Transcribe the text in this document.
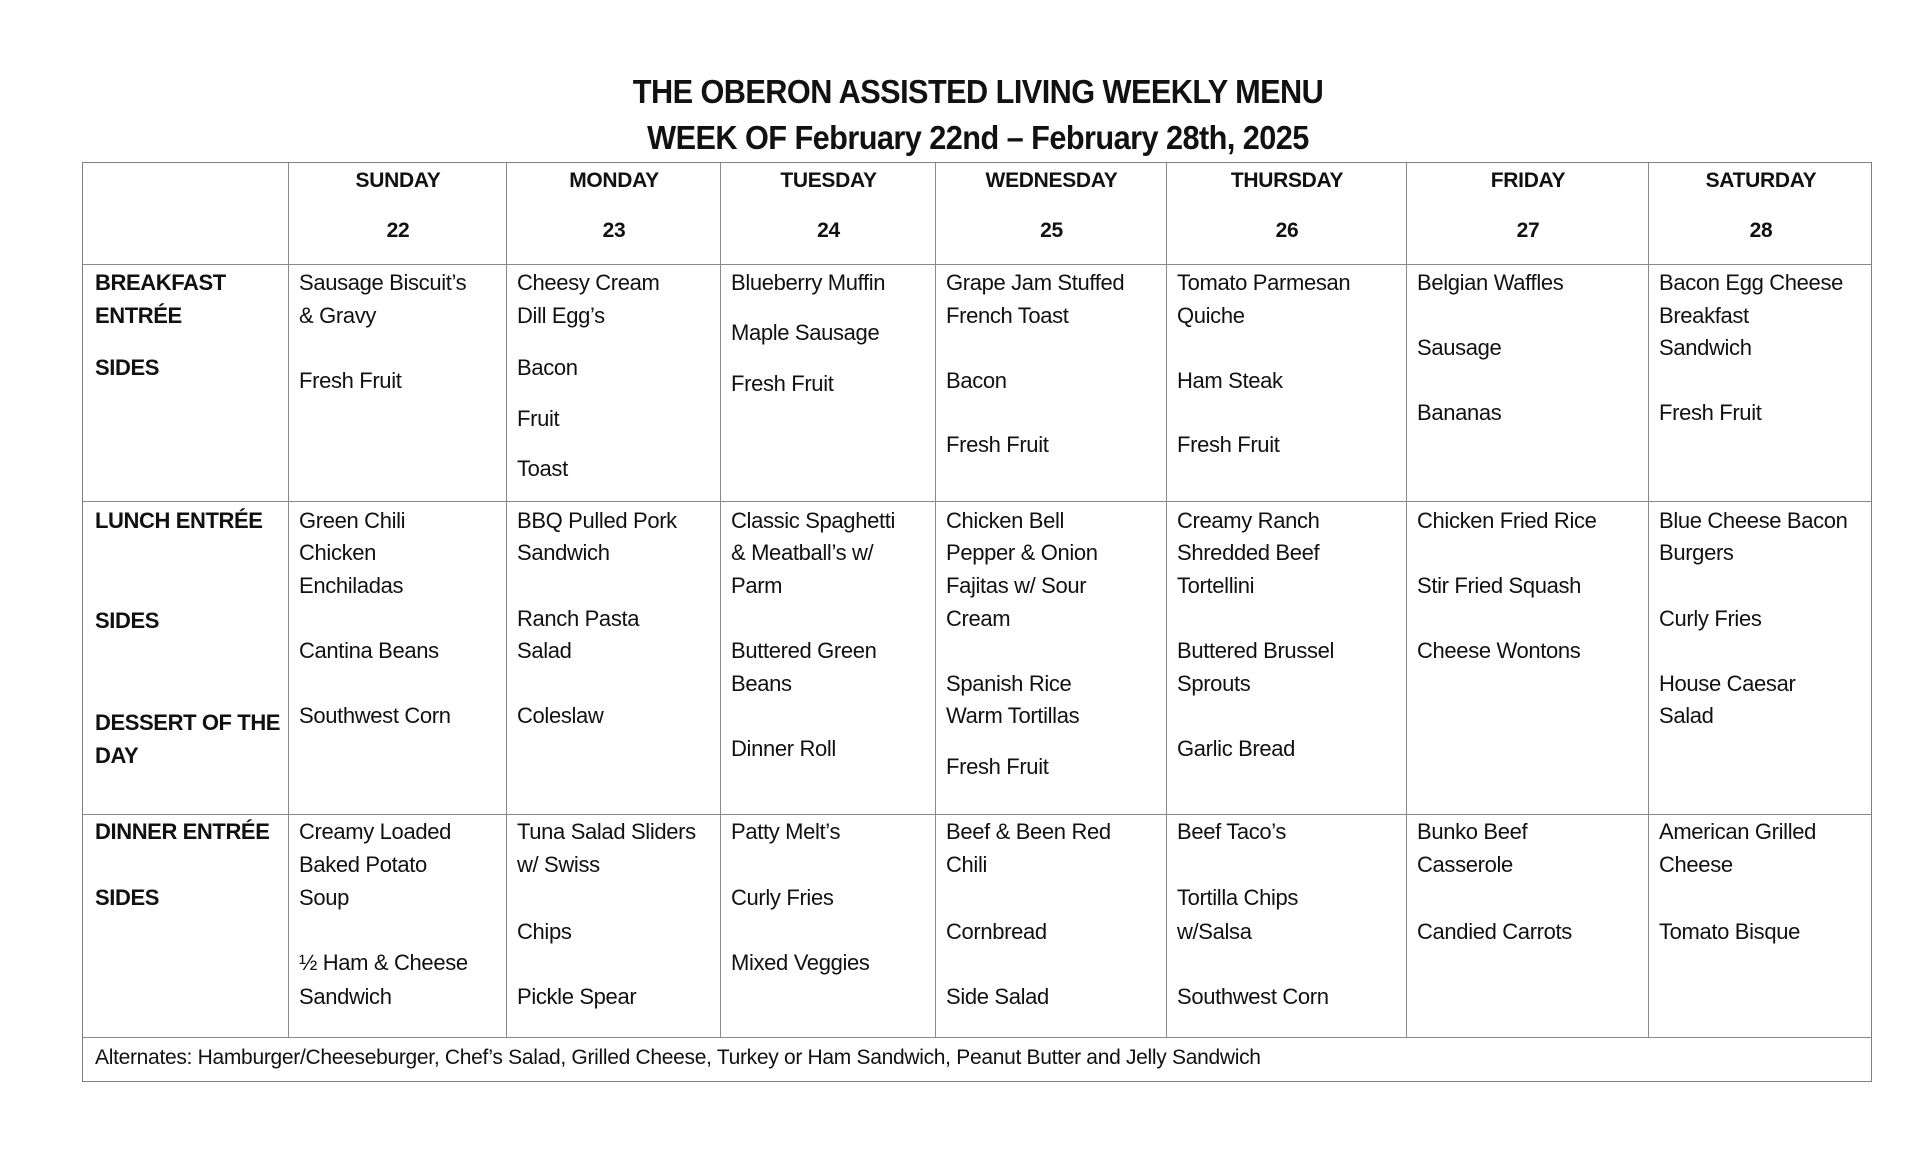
THE OBERON ASSISTED LIVING WEEKLY MENU
WEEK OF February 22nd – February 28th, 2025
SUNDAY
22
MONDAY
23
TUESDAY
24
WEDNESDAY
25
THURSDAY
26
FRIDAY
27
SATURDAY
28
BREAKFAST
ENTRÉE
SIDES
Sausage Biscuit’s
& Gravy
Fresh Fruit
Cheesy Cream
Dill Egg’s
Bacon
Fruit
Toast
Blueberry Muffin
Maple Sausage
Fresh Fruit
Grape Jam Stuffed
French Toast
Bacon
Fresh Fruit
Tomato Parmesan
Quiche
Ham Steak
Fresh Fruit
Belgian Waffles
Sausage
Bananas
Bacon Egg Cheese
Breakfast
Sandwich
Fresh Fruit
LUNCH ENTRÉE
SIDES
DESSERT OF THE
DAY
Green Chili
Chicken
Enchiladas
Cantina Beans
Southwest Corn
BBQ Pulled Pork
Sandwich
Ranch Pasta
Salad
Coleslaw
Classic Spaghetti
& Meatball’s w/
Parm
Buttered Green
Beans
Dinner Roll
Chicken Bell
Pepper & Onion
Fajitas w/ Sour
Cream
Spanish Rice
Warm Tortillas
Fresh Fruit
Creamy Ranch
Shredded Beef
Tortellini
Buttered Brussel
Sprouts
Garlic Bread
Chicken Fried Rice
Stir Fried Squash
Cheese Wontons
Blue Cheese Bacon
Burgers
Curly Fries
House Caesar
Salad
DINNER ENTRÉE
SIDES
Creamy Loaded
Baked Potato
Soup
½ Ham & Cheese
Sandwich
Tuna Salad Sliders
w/ Swiss
Chips
Pickle Spear
Patty Melt’s
Curly Fries
Mixed Veggies
Beef & Been Red
Chili
Cornbread
Side Salad
Beef Taco’s
Tortilla Chips
w/Salsa
Southwest Corn
Bunko Beef
Casserole
Candied Carrots
American Grilled
Cheese
Tomato Bisque
Alternates: Hamburger/Cheeseburger, Chef’s Salad, Grilled Cheese, Turkey or Ham Sandwich, Peanut Butter and Jelly Sandwich
